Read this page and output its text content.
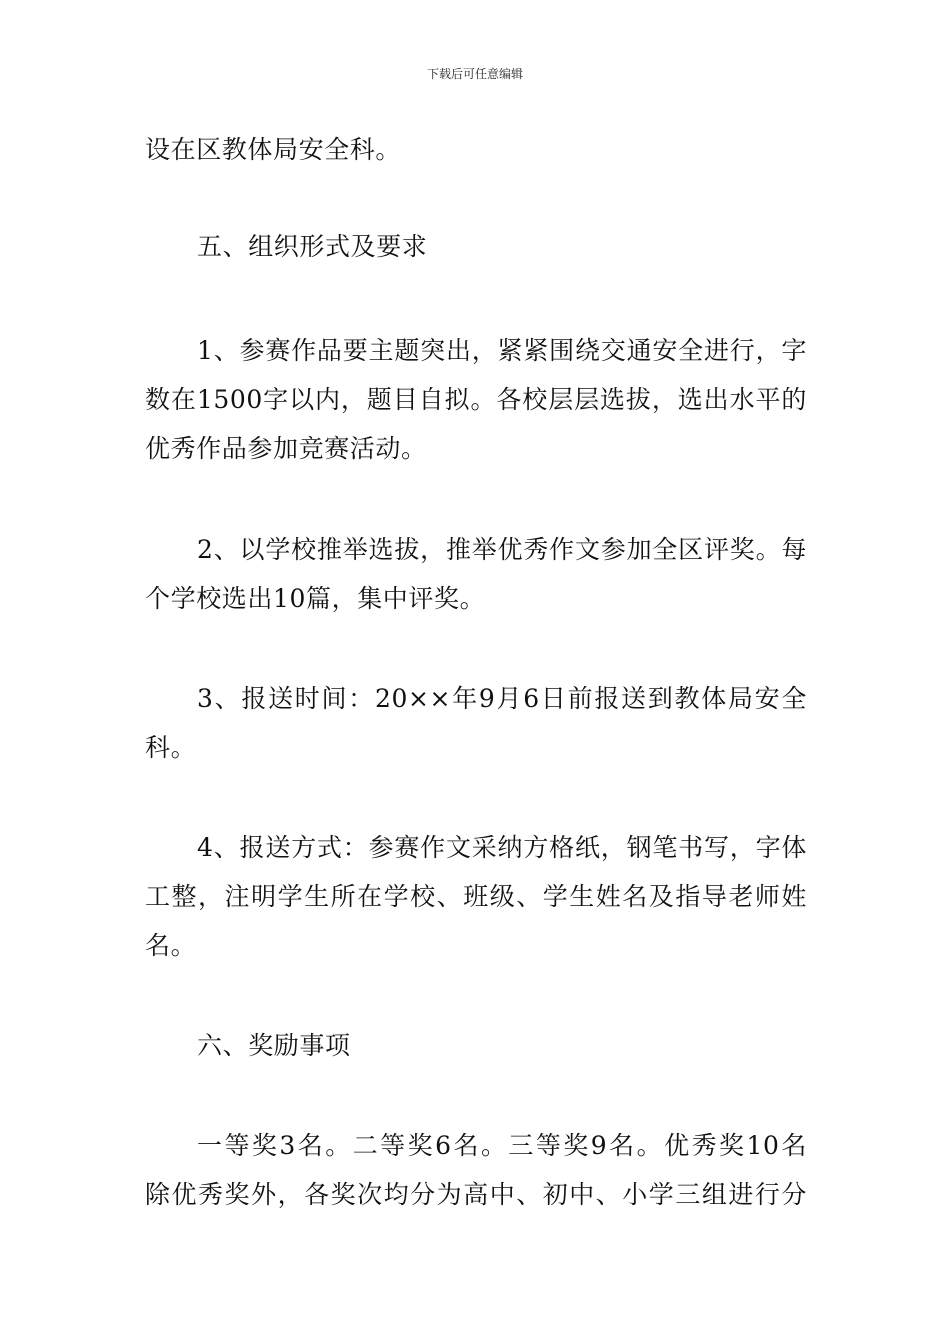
下载后可任意编辑
设在区教体局安全科。
五、组织形式及要求
1、参赛作品要主题突出，紧紧围绕交通安全进行，字
数在1500字以内，题目自拟。各校层层选拔，选出水平的
优秀作品参加竞赛活动。
2、以学校推举选拔，推举优秀作文参加全区评奖。每
个学校选出10篇，集中评奖。
3、报送时间：20××年9月6日前报送到教体局安全
科。
4、报送方式：参赛作文采纳方格纸，钢笔书写，字体
工整，注明学生所在学校、班级、学生姓名及指导老师姓
名。
六、奖励事项
一等奖3名。二等奖6名。三等奖9名。优秀奖10名
除优秀奖外，各奖次均分为高中、初中、小学三组进行分
